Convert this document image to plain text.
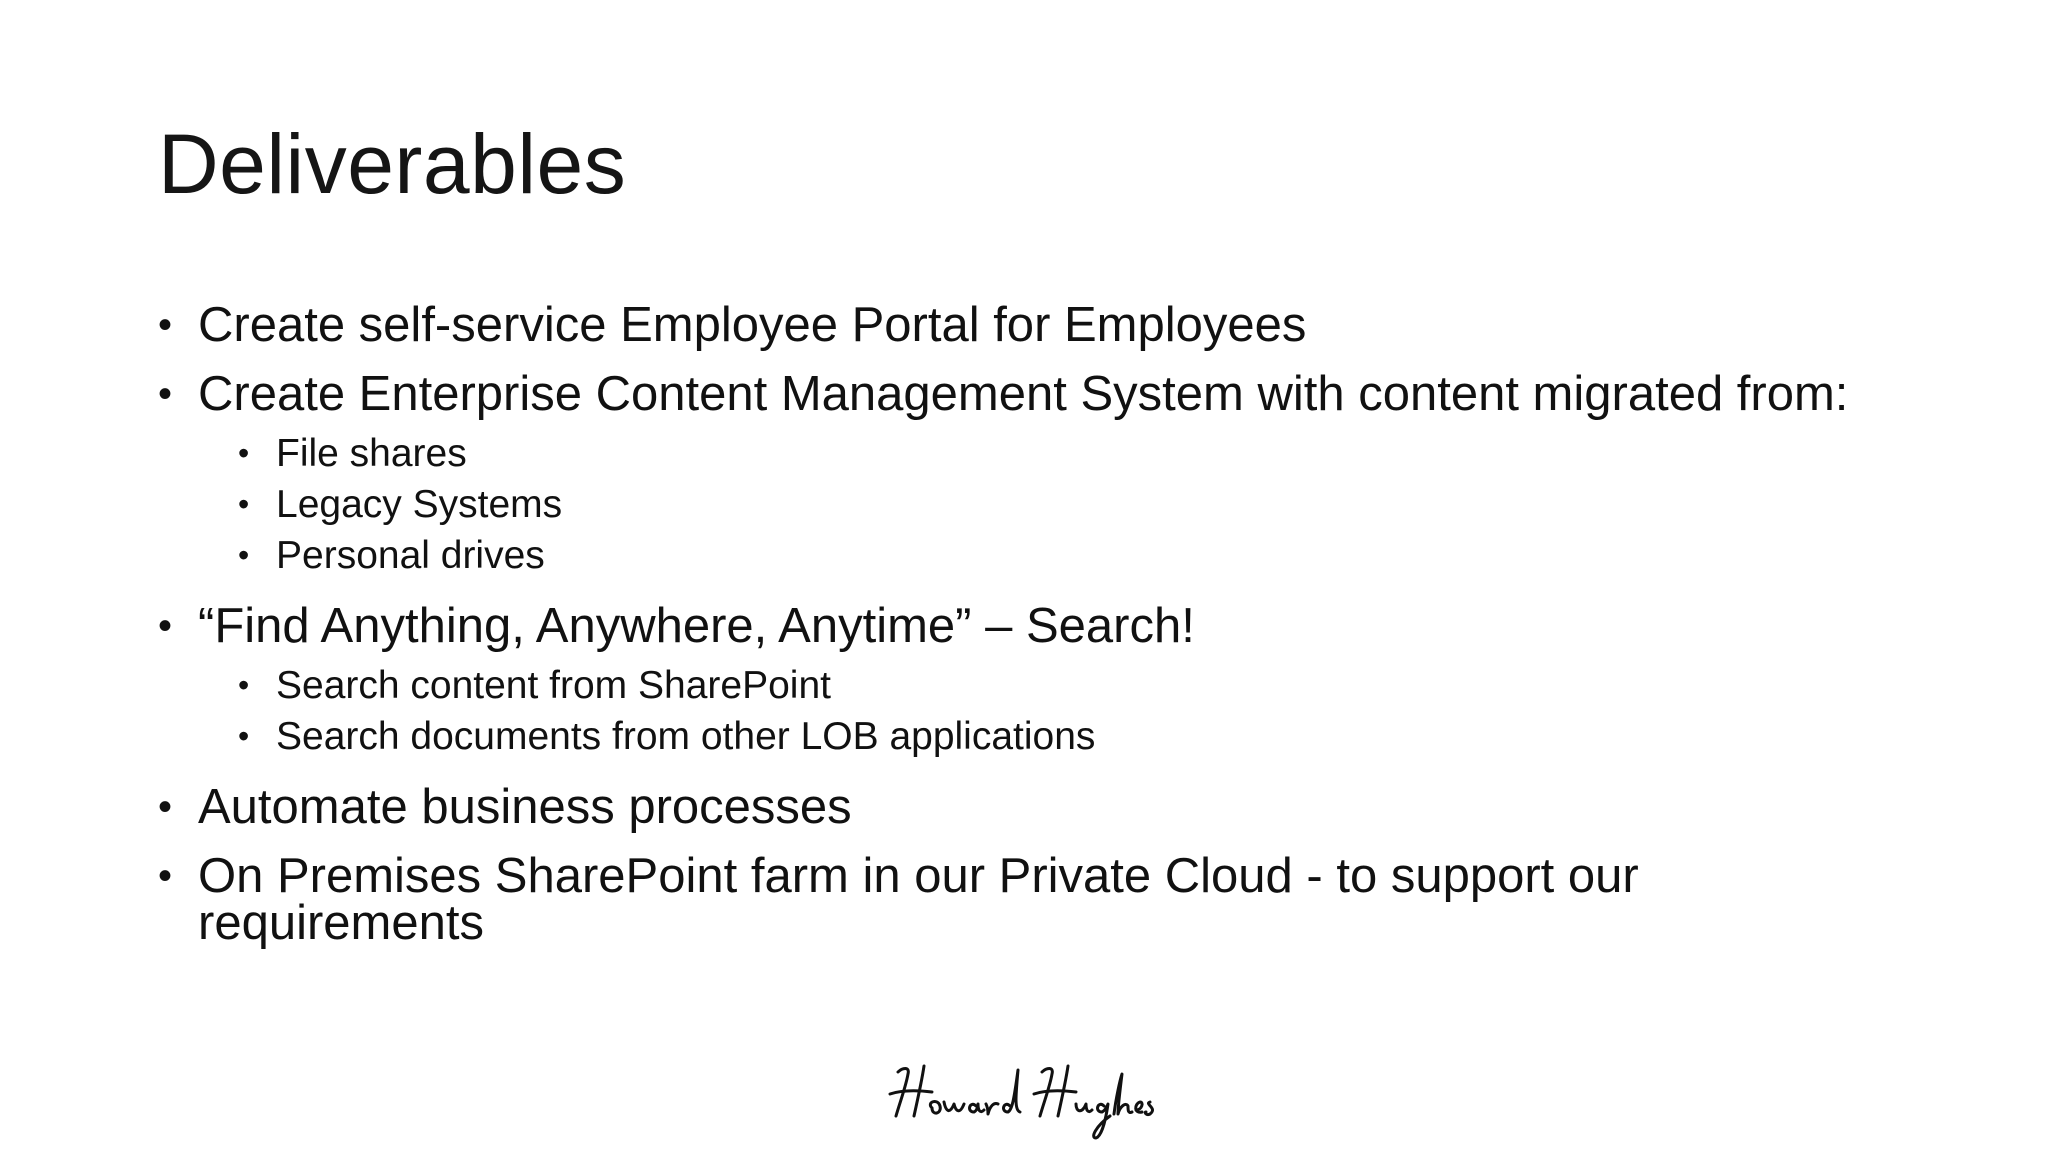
Deliverables
• Create self-service Employee Portal for Employees
• Create Enterprise Content Management System with content migrated from:
• File shares
• Legacy Systems
• Personal drives
• “Find Anything, Anywhere, Anytime” – Search!
• Search content from SharePoint
• Search documents from other LOB applications
• Automate business processes
• On Premises SharePoint farm in our Private Cloud - to support our requirements
